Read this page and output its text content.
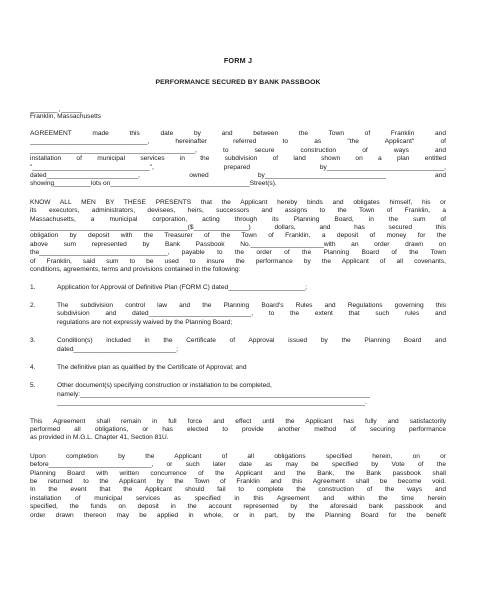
FORM J
PERFORMANCE SECURED BY BANK PASSBOOK
________ , ______
Franklin, Massachusetts

AGREEMENT made this date by and between the Town of Franklin and

________________________________,	hereinafter referred to as "the Applicant" of

_____________________________________________,	to secure construction of ways and

installation of municipal services in the subdivision of land shown on a plan entitled

"________________________________",	prepared by________________________________,

dated_________________________,	owned by_________________________________ and

showing__________lots on______________________________________Street(s).

KNOW ALL MEN BY THESE PRESENTS that the Applicant hereby binds and obligates himself, his or

its executors, administrators, devisees, heirs, successors and assigns to the Town of Franklin, a

Massachusetts, a municipal corporation, acting through its Planning Board, in the sum of

___________________________________________($_______________) dollars, and has secured this

obligation by deposit with the Treasurer of the Town of Franklin, a deposit of money for the

above sum represented by Bank Passbook No.____________________with an order drawn on

the___________________________________, payable to the order of the Planning Board of the Town

of Franklin, said sum to be used to insure the performance by the Applicant of all covenants,

conditions, agreements, terms and provisions contained in the following:

1.	Application for Approval of Definitive Plan (FORM C) dated_____________________;

2.	The subdivision control law and the Planning Board's Rules and Regulations governing this

subdivision and dated____________________________, to the extent that such rules and

regulations are not expressly waived by the Planning Board;

3.	Condition(s) included in the Certificate of Approval issued by the Planning Board and

dated____________________________;

4.	The definitive plan as qualified by the Certificate of Approval; and

5.	Other document(s) specifying construction or installation to be completed,

namely:_______________________________________________________________________________

____________________________________________________________________________________.

This Agreement shall remain in full force and effect until the Applicant has fully and satisfactorily

performed all obligations, or has elected to provide another method of securing performance

as provided in M.G.L. Chapter 41, Section 81U.

Upon completion by the Applicant of all obligations specified herein, on or

before____________________________, or such later date as may be specified by Vote of the

Planning Board with written concurrence of the Applicant and the Bank, the Bank passbook shall

be returned to the Applicant by the Town of Franklin and this Agreement shall be become void.

In the event that the Applicant should fail to complete the construction of the ways and

installation of municipal services as specified in this Agreement and within the time herein

specified, the funds on deposit in the account represented by the aforesaid bank passbook and

order drawn thereon may be applied in whole, or in part, by the Planning Board for the benefit
